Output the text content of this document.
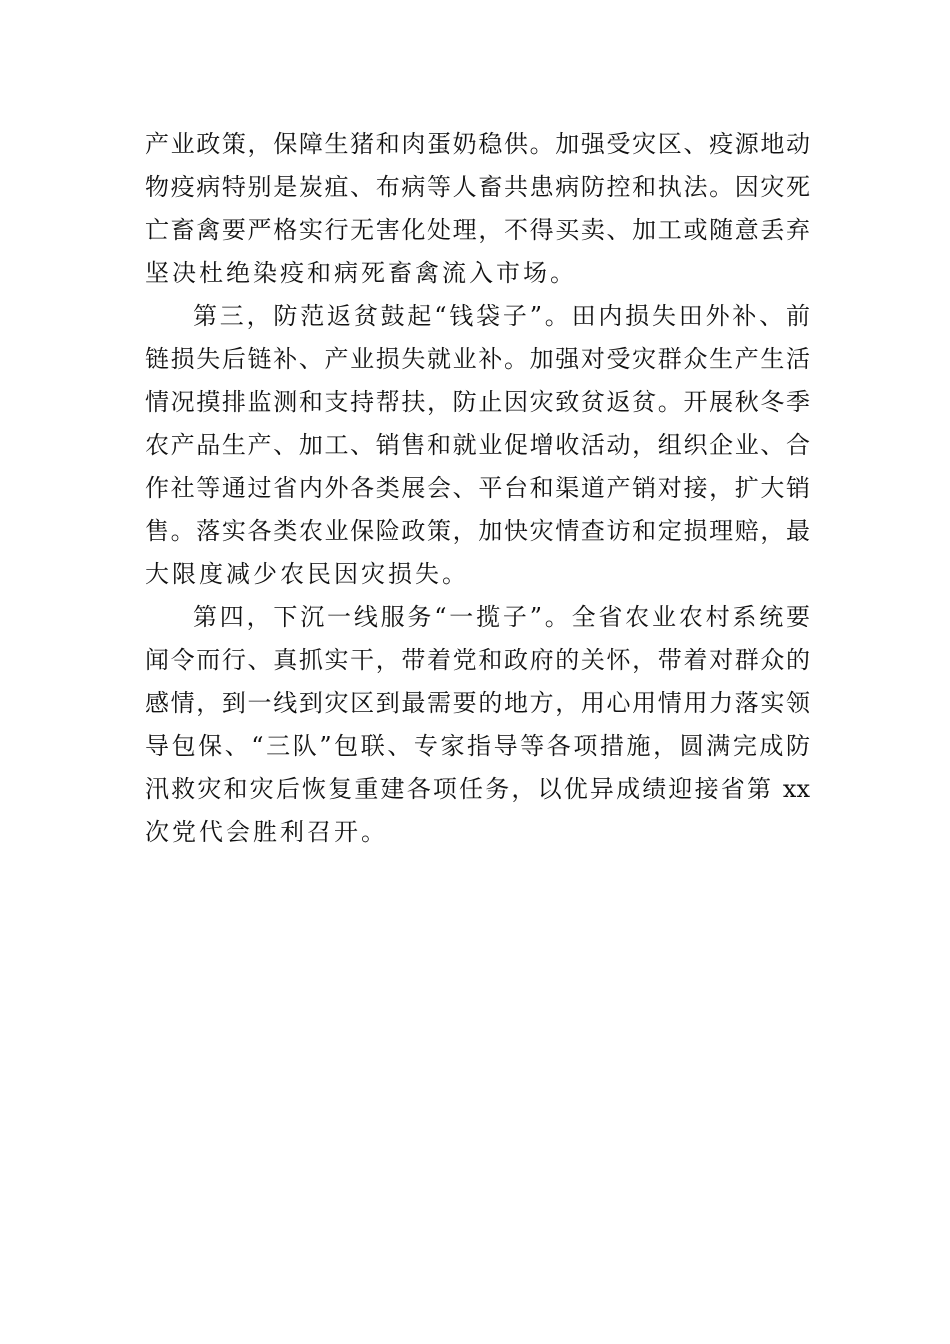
产业政策，保障生猪和肉蛋奶稳供。加强受灾区、疫源地动
物疫病特别是炭疽、布病等人畜共患病防控和执法。因灾死
亡畜禽要严格实行无害化处理，不得买卖、加工或随意丢弃
坚决杜绝染疫和病死畜禽流入市场。
第三，防范返贫鼓起“钱袋子”。田内损失田外补、前
链损失后链补、产业损失就业补。加强对受灾群众生产生活
情况摸排监测和支持帮扶，防止因灾致贫返贫。开展秋冬季
农产品生产、加工、销售和就业促增收活动，组织企业、合
作社等通过省内外各类展会、平台和渠道产销对接，扩大销
售。落实各类农业保险政策，加快灾情查访和定损理赔，最
大限度减少农民因灾损失。
第四，下沉一线服务“一揽子”。全省农业农村系统要
闻令而行、真抓实干，带着党和政府的关怀，带着对群众的
感情，到一线到灾区到最需要的地方，用心用情用力落实领
导包保、“三队”包联、专家指导等各项措施，圆满完成防
汛救灾和灾后恢复重建各项任务，以优异成绩迎接省第 xx
次党代会胜利召开。
